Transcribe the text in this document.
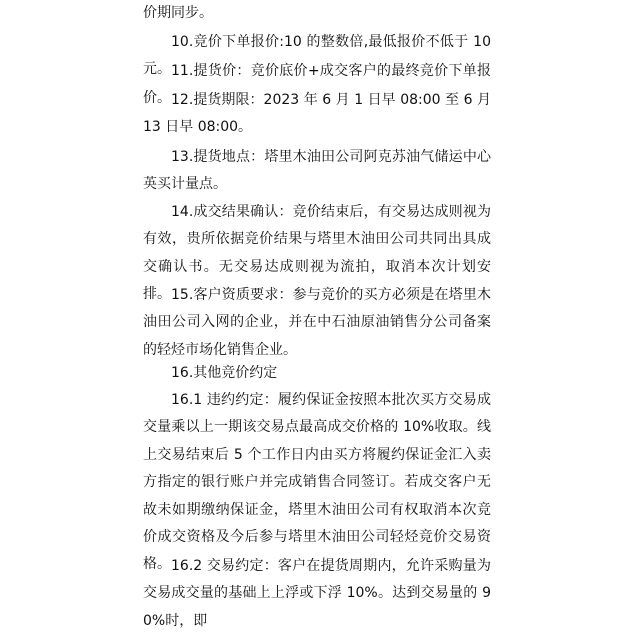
价期同步。

10.竞价下单报价:10 的整数倍,最低报价不低于 10 元。 11.提货价：竞价底价+成交客户的最终竞价下单报价。 12.提货期限：2023 年 6 月 1 日早 08:00 至 6 月 13 日早 08:00。

13.提货地点：塔里木油田公司阿克苏油气储运中心英买计量点。

14.成交结果确认：竞价结束后，有交易达成则视为有效，贵所依据竞价结果与塔里木油田公司共同出具成交确认书。无交易达成则视为流拍，取消本次计划安排。 15.客户资质要求：参与竞价的买方必须是在塔里木油田公司入网的企业，并在中石油原油销售分公司备案的轻烃市场化销售企业。

16.其他竞价约定

16.1 违约约定：履约保证金按照本批次买方交易成交量乘以上一期该交易点最高成交价格的 10%收取。线上交易结束后 5 个工作日内由买方将履约保证金汇入卖方指定的银行账户并完成销售合同签订。若成交客户无故未如期缴纳保证金，塔里木油田公司有权取消本次竞价成交资格及今后参与塔里木油田公司轻烃竞价交易资格。 16.2 交易约定：客户在提货周期内，允许采购量为交易成交量的基础上上浮或下浮 10%。达到交易量的 90%时，即
